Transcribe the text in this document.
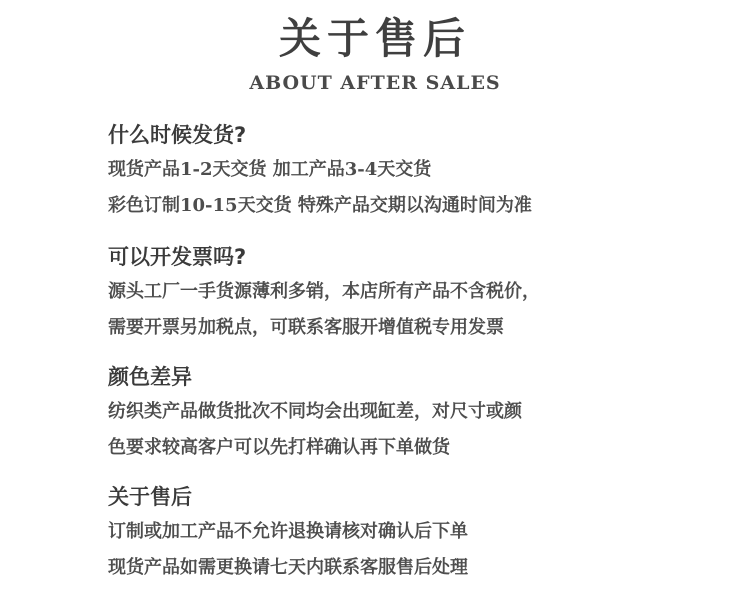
关于售后
ABOUT AFTER SALES
什么时候发货?
现货产品1-2天交货 加工产品3-4天交货
彩色订制10-15天交货 特殊产品交期以沟通时间为准
可以开发票吗?
源头工厂一手货源薄利多销，本店所有产品不含税价，
需要开票另加税点，可联系客服开增值税专用发票
颜色差异
纺织类产品做货批次不同均会出现缸差，对尺寸或颜
色要求较高客户可以先打样确认再下单做货
关于售后
订制或加工产品不允许退换请核对确认后下单
现货产品如需更换请七天内联系客服售后处理
